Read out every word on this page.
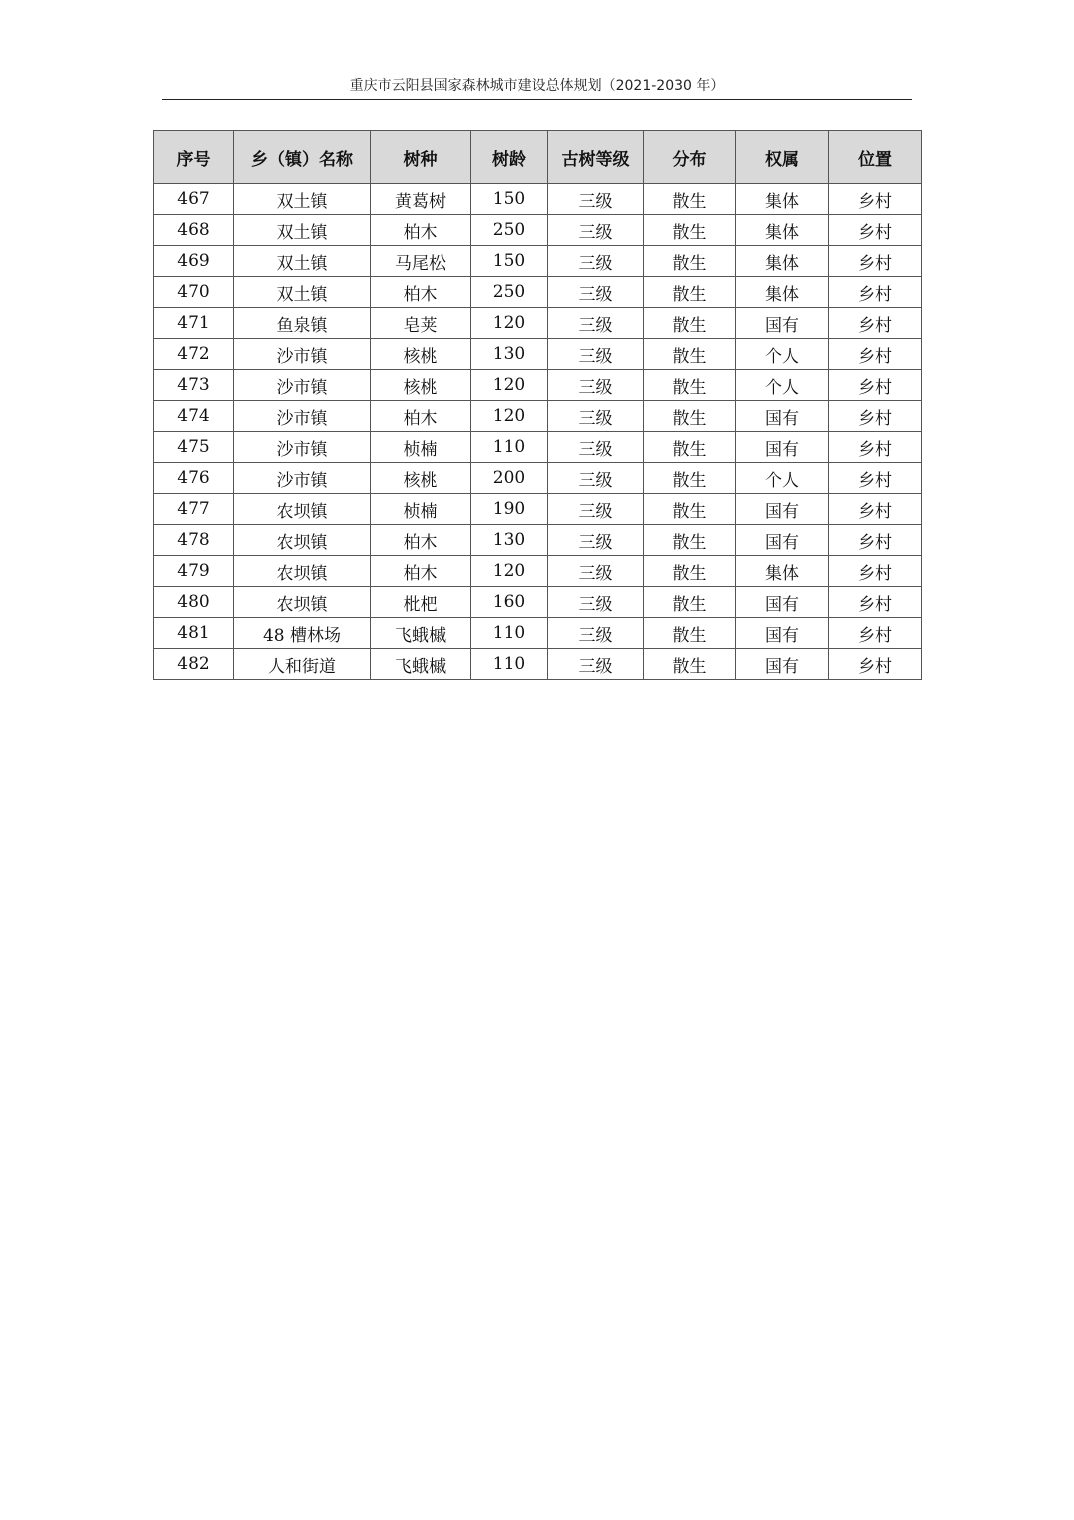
重庆市云阳县国家森林城市建设总体规划（2021-2030 年）
序号	乡（镇）名称	树种	树龄	古树等级	分布	权属	位置
467	双土镇	黄葛树	150	三级	散生	集体	乡村
468	双土镇	柏木	250	三级	散生	集体	乡村
469	双土镇	马尾松	150	三级	散生	集体	乡村
470	双土镇	柏木	250	三级	散生	集体	乡村
471	鱼泉镇	皂荚	120	三级	散生	国有	乡村
472	沙市镇	核桃	130	三级	散生	个人	乡村
473	沙市镇	核桃	120	三级	散生	个人	乡村
474	沙市镇	柏木	120	三级	散生	国有	乡村
475	沙市镇	桢楠	110	三级	散生	国有	乡村
476	沙市镇	核桃	200	三级	散生	个人	乡村
477	农坝镇	桢楠	190	三级	散生	国有	乡村
478	农坝镇	柏木	130	三级	散生	国有	乡村
479	农坝镇	柏木	120	三级	散生	集体	乡村
480	农坝镇	枇杷	160	三级	散生	国有	乡村
481	48 槽林场	飞蛾槭	110	三级	散生	国有	乡村
482	人和街道	飞蛾槭	110	三级	散生	国有	乡村
